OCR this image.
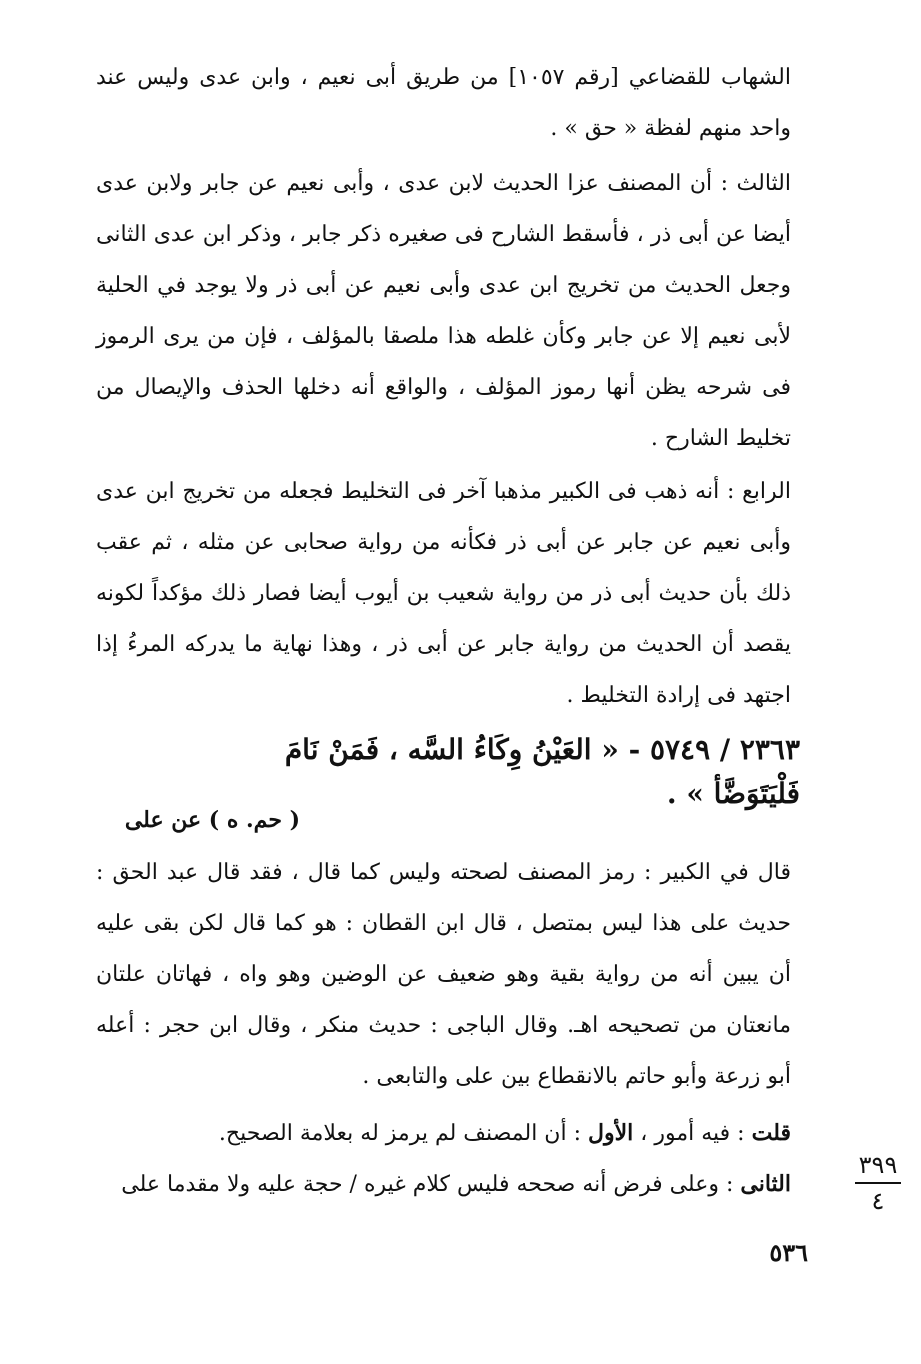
الشهاب للقضاعي [رقم ١٠٥٧] من طريق أبى نعيم ، وابن عدى وليس عند واحد منهم لفظة « حق » .

الثالث : أن المصنف عزا الحديث لابن عدى ، وأبى نعيم عن جابر ولابن عدى أيضا عن أبى ذر ، فأسقط الشارح فى صغيره ذكر جابر ، وذكر ابن عدى الثانى وجعل الحديث من تخريج ابن عدى وأبى نعيم عن أبى ذر ولا يوجد في الحلية لأبى نعيم إلا عن جابر وكأن غلطه هذا ملصقا بالمؤلف ، فإن من يرى الرموز فى شرحه يظن أنها رموز المؤلف ، والواقع أنه دخلها الحذف والإيصال من تخليط الشارح .

الرابع : أنه ذهب فى الكبير مذهبا آخر فى التخليط فجعله من تخريج ابن عدى وأبى نعيم عن جابر عن أبى ذر فكأنه من رواية صحابى عن مثله ، ثم عقب ذلك بأن حديث أبى ذر من رواية شعيب بن أيوب أيضا فصار ذلك مؤكداً لكونه يقصد أن الحديث من رواية جابر عن أبى ذر ، وهذا نهاية ما يدركه المرءُ إذا اجتهد فى إرادة التخليط .

٢٣٦٣ / ٥٧٤٩ - « العَيْنُ وِكَاءُ السَّه ، فَمَنْ نَامَ فَلْيَتَوَضَّأ » .
( حم. ه ) عن على

قال في الكبير : رمز المصنف لصحته وليس كما قال ، فقد قال عبد الحق : حديث على هذا ليس بمتصل ، قال ابن القطان : هو كما قال لكن بقى عليه أن يبين أنه من رواية بقية وهو ضعيف عن الوضين وهو واه ، فهاتان علتان مانعتان من تصحيحه اهـ. وقال الباجى : حديث منكر ، وقال ابن حجر : أعله أبو زرعة وأبو حاتم بالانقطاع بين على والتابعى .

قلت : فيه أمور ، الأول : أن المصنف لم يرمز له بعلامة الصحيح.

الثانى : وعلى فرض أنه صححه فليس كلام غيره / حجة عليه ولا مقدما على

٣٩٩
٤
٥٣٦
